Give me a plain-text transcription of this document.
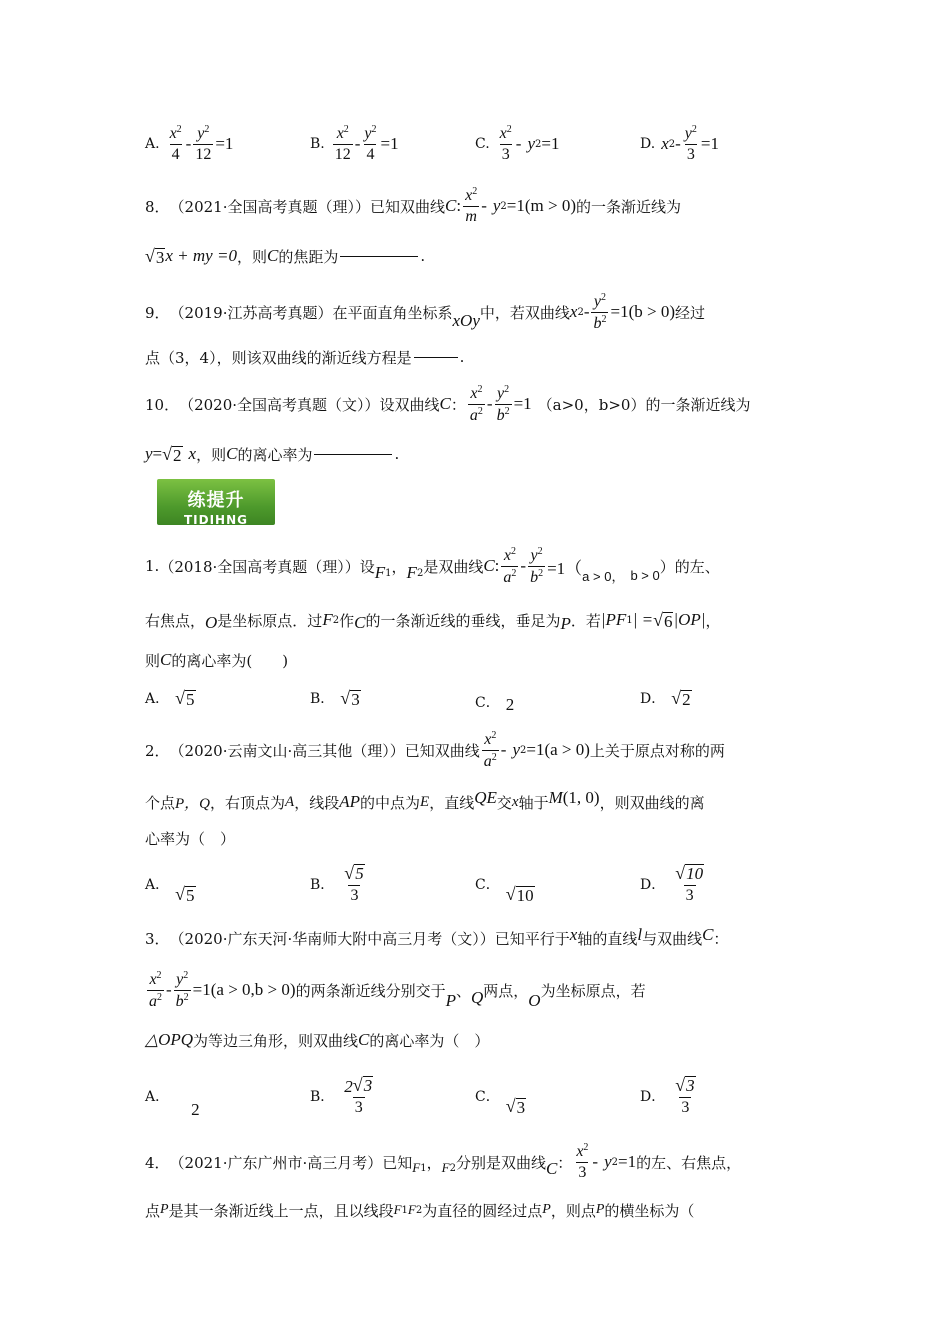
A. $\frac{x^2}{4} - \frac{y^2}{12} =1$	B. $\frac{x^2}{12} - \frac{y^2}{4} =1$	C. $\frac{x^2}{3}$ - y 2 =1	D. x $2 - \frac{y^2}{3} =1$
8． （2021·全国高考真题（理））已知双曲线 C : $\frac{x^2}{m}$ - y 2 =1(m > 0) 的一条渐近线为
√ 3 x + my =0 ，则 C 的焦距为	.
9． （2019·江苏高考真题）在平面直角坐标系 xOy 中，若双曲线 x $2 - \frac{y^2}{b^2} =1(b > 0)$ 经过
点（3，4），则该双曲线的渐近线方程是	.
10． （2020·全国高考真题（文））设双曲线 C ： $\frac{x^2}{a^2} - \frac{y^2}{b^2} =1$ （a>0，b>0）的一条渐近线为
y = √ 2 x ，则 C 的离心率为	.
练提升
TIDIHNG
1. （2018·全国高考真题（理））设 F 1 ， F 2 是双曲线 C : $\frac{x^2}{a^2} - \frac{y^2}{b^2} =1$（ a > 0， b > 0 ）的左、
右焦点， O 是坐标原点．过 F 2 作 C 的一条渐近线的垂线，垂足为 P ．若 |PF 1 | = √ 6 |OP| ，
则 C 的离心率为(　　)
A． √ 5	B． √ 3	C． 2	D． √ 2
2． （2020·云南文山·高三其他（理））已知双曲线 $\frac{x^2}{a^2}$ - y 2 =1(a > 0) 上关于原点对称的两
个点 P，Q ，右顶点为 A ，线段 AP 的中点为 E ，直线 QE 交 x 轴于 M (1, 0) ，则双曲线的离
心率为（　）
A． √ 5
B． $\frac{√ 5}{3}$	C． √ 10
D． $\frac{√ 10}{3}$
3． （2020·广东天河·华南师大附中高三月考（文））已知平行于 x 轴的直线 l 与双曲线 C ：
$\frac{x^2}{a^2} - \frac{y^2}{b^2} =1(a > 0,b > 0)$ 的两条渐近线分别交于
P
、 Q 两点，
O
为坐标原点，若
△OPQ 为等边三角形，则双曲线 C 的离心率为（　）
A．
2
B． $\frac{2 √ 3}{3}$	C． √ 3
D． $\frac{√ 3}{3}$
4． （2021·广东广州市·高三月考）已知 F 1 ， F 2 分别是双曲线 C ： $\frac{x^2}{3}$ - y 2 =1 的左、右焦点，
点 P 是其一条渐近线上一点，且以线段 F 1 F 2 为直径的圆经过点 P ，则点 P 的横坐标为（
